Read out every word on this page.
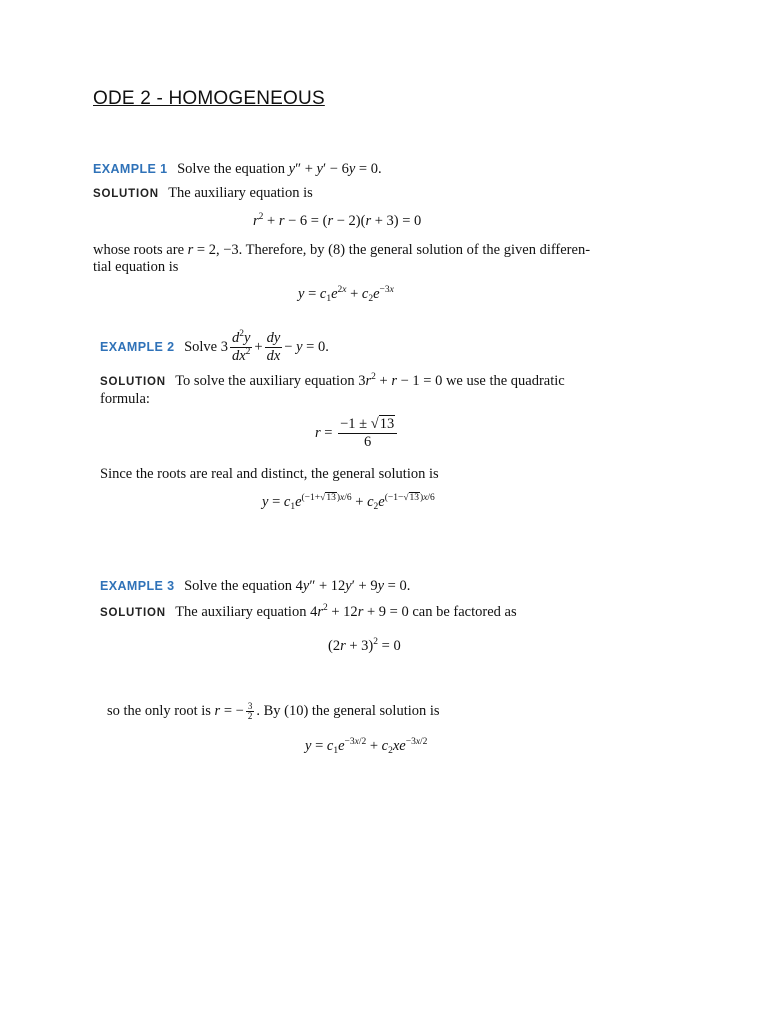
ODE 2 - HOMOGENEOUS
EXAMPLE 1 Solve the equation y″ + y′ − 6y = 0.
SOLUTION The auxiliary equation is
$r^2 + r - 6 = (r - 2)(r + 3) = 0$
whose roots are r = 2, −3. Therefore, by (8) the general solution of the given differen-
tial equation is
$y = c_1e^{2x} + c_2e^{-3x}$
EXAMPLE 2 Solve $3 \frac{d^2y}{dx^2} + \frac{dy}{dx} - y = 0$.
SOLUTION To solve the auxiliary equation $3r^2 + r - 1 = 0$ we use the quadratic
formula:
$r = \frac{-1 \pm √13}{6}$
Since the roots are real and distinct, the general solution is
$y = c_1e^{(-1+√13)x/6} + c_2e^{(-1-√13)x/6}$
EXAMPLE 3 Solve the equation 4y″ + 12y′ + 9y = 0.
SOLUTION The auxiliary equation $4r^2 + 12r + 9 = 0$ can be factored as
$(2r + 3)^2 = 0$
so the only root is r = − $\frac{3}{2}$ . By (10) the general solution is
$y = c_1e^{-3x/2} + c_2xe^{-3x/2}$
